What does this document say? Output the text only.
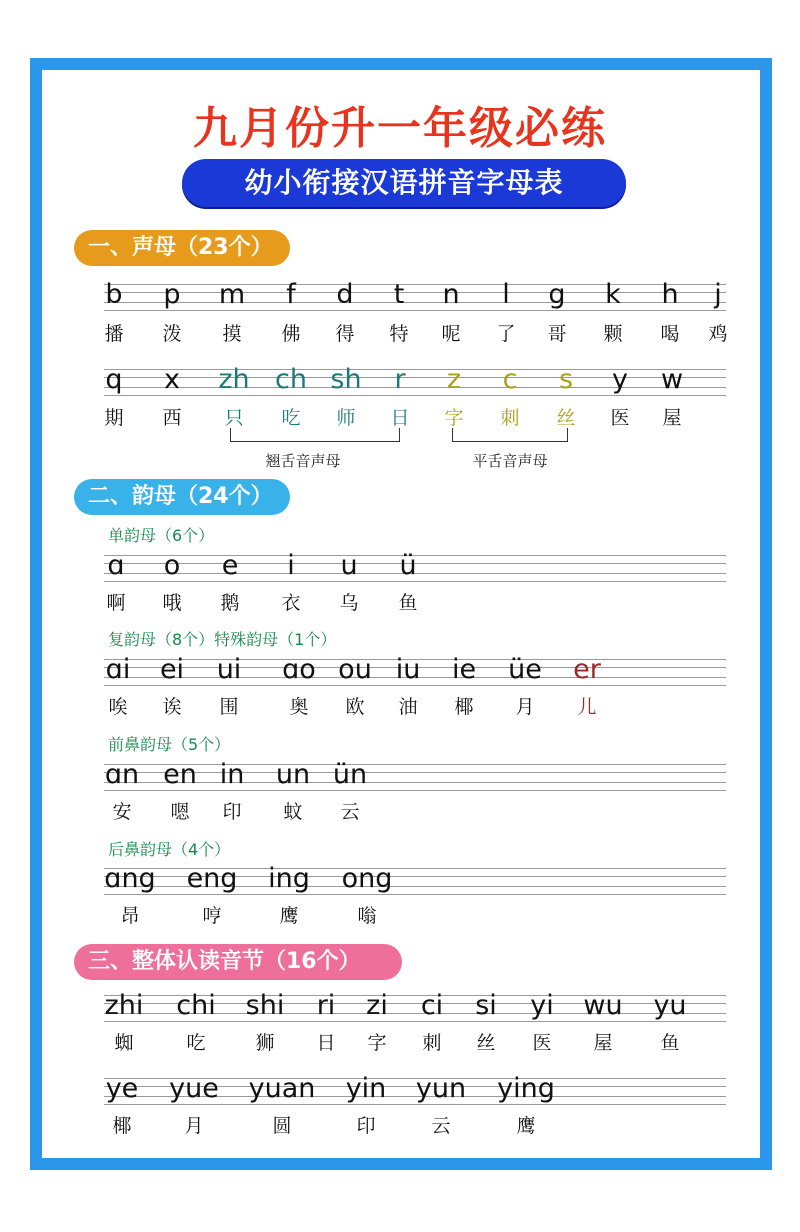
九月份升一年级必练
幼小衔接汉语拼音字母表
一、声母（23个）
b
播
p
泼
m
摸
f
佛
d
得
t
特
n
呢
l
了
g
哥
k
颗
h
喝
j
鸡
q
期
x
西
zh
只
ch
吃
sh
师
r
日
z
字
c
刺
s
丝
y
医
w
屋
翘舌音声母	平舌音声母
二、韵母（24个）
单韵母（6个）
ɑ
啊
o
哦
e
鹅
i
衣
u
乌
ü
鱼
复韵母（8个）特殊韵母（1个）
ɑi
唉
ei
诶
ui
围
ɑo
奥
ou
欧
iu
油
ie
椰
üe
月
er
儿
前鼻韵母（5个）
ɑn
安
en
嗯
in
印
un
蚊
ün
云
后鼻韵母（4个）
ɑng
昂
eng
哼
ing
鹰
ong
嗡
三、整体认读音节（16个）
zhi
蜘
chi
吃
shi
狮
ri
日
zi
字
ci
刺
si
丝
yi
医
wu
屋
yu
鱼
ye
椰
yue
月
yuan
圆
yin
印
yun
云
ying
鹰
